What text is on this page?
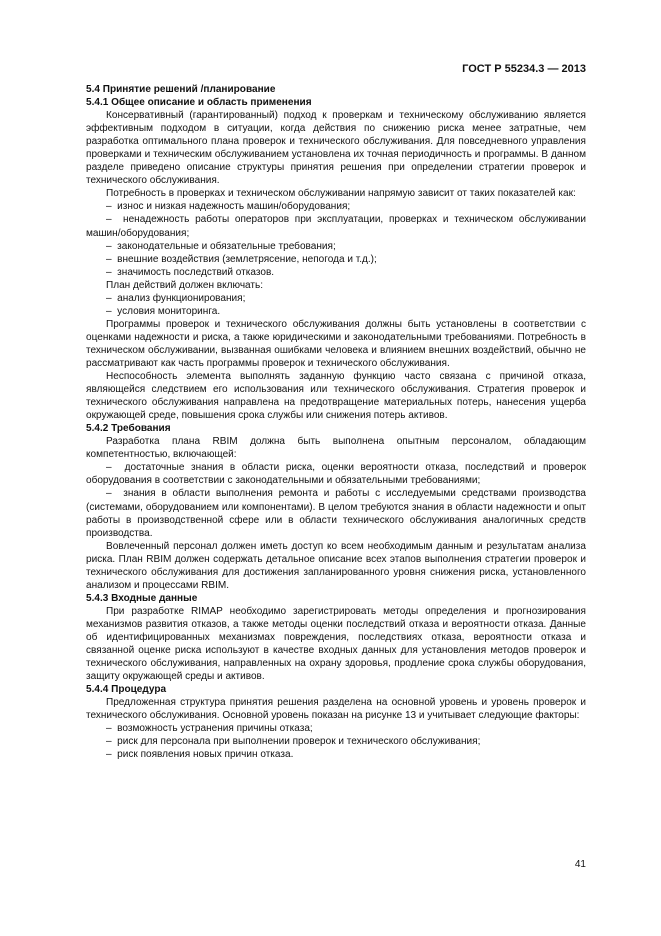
ГОСТ Р 55234.3 — 2013

5.4 Принятие решений /планирование

5.4.1 Общее описание и область применения

Консервативный (гарантированный) подход к проверкам и техническому обслуживанию является эффективным подходом в ситуации, когда действия по снижению риска менее затратные, чем разработка оптимального плана проверок и технического обслуживания. Для повседневного управления проверками и техническим обслуживанием установлена их точная периодичность и программы. В данном разделе приведено описание структуры принятия решения при определении стратегии проверок и технического обслуживания.

Потребность в проверках и техническом обслуживании напрямую зависит от таких показателей как:

–  износ и низкая надежность машин/оборудования;

–  ненадежность работы операторов при эксплуатации, проверках и техническом обслуживании машин/оборудования;

–  законодательные и обязательные требования;

–  внешние воздействия (землетрясение, непогода и т.д.);

–  значимость последствий отказов.

План действий должен включать:

–  анализ функционирования;

–  условия мониторинга.

Программы проверок и технического обслуживания должны быть установлены в соответствии с оценками надежности и риска, а также юридическими и законодательными требованиями. Потребность в техническом обслуживании, вызванная ошибками человека и влиянием внешних воздействий, обычно не рассматривают как часть программы проверок и технического обслуживания.

Неспособность элемента выполнять заданную функцию часто связана с причиной отказа, являющейся следствием его использования или технического обслуживания. Стратегия проверок и технического обслуживания направлена на предотвращение материальных потерь, нанесения ущерба окружающей среде, повышения срока службы или снижения потерь активов.

5.4.2 Требования

Разработка плана RBIM должна быть выполнена опытным персоналом, обладающим компетентностью, включающей:

–  достаточные знания в области риска, оценки вероятности отказа, последствий и проверок оборудования в соответствии с законодательными и обязательными требованиями;

–  знания в области выполнения ремонта и работы с исследуемыми средствами производства (системами, оборудованием или компонентами). В целом требуются знания в области надежности и опыт работы в производственной сфере или в области технического обслуживания аналогичных средств производства.

Вовлеченный персонал должен иметь доступ ко всем необходимым данным и результатам анализа риска. План RBIM должен содержать детальное описание всех этапов выполнения стратегии проверок и технического обслуживания для достижения запланированного уровня снижения риска, установленного анализом и процессами RBIM.

5.4.3 Входные данные

При разработке RIMAP необходимо зарегистрировать методы определения и прогнозирования механизмов развития отказов, а также методы оценки последствий отказа и вероятности отказа. Данные об идентифицированных механизмах повреждения, последствиях отказа, вероятности отказа и связанной оценке риска используют в качестве входных данных для установления методов проверок и технического обслуживания, направленных на охрану здоровья, продление срока службы оборудования, защиту окружающей среды и активов.

5.4.4 Процедура

Предложенная структура принятия решения разделена на основной уровень и уровень проверок и технического обслуживания. Основной уровень показан на рисунке 13 и учитывает следующие факторы:

–  возможность устранения причины отказа;

–  риск для персонала при выполнении проверок и технического обслуживания;

–  риск появления новых причин отказа.

41
